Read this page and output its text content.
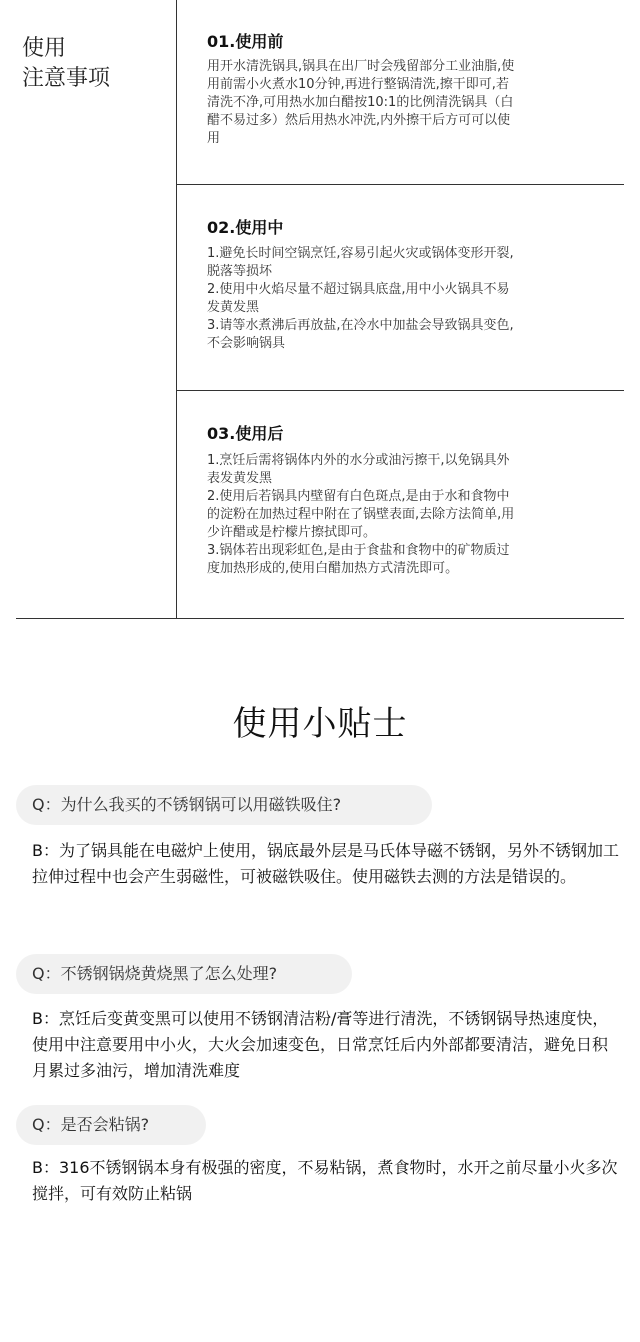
使用
注意事项
01.使用前

用开水清洗锅具,锅具在出厂时会残留部分工业油脂,使
用前需小火煮水10分钟,再进行整锅清洗,擦干即可,若
清洗不净,可用热水加白醋按10:1的比例清洗锅具（白
醋不易过多）然后用热水冲洗,内外擦干后方可可以使
用

02.使用中

1.避免长时间空锅烹饪,容易引起火灾或锅体变形开裂,
脱落等损坏
2.使用中火焰尽量不超过锅具底盘,用中小火锅具不易
发黄发黑
3.请等水煮沸后再放盐,在冷水中加盐会导致锅具变色,
不会影响锅具

03.使用后

1.烹饪后需将锅体内外的水分或油污擦干,以免锅具外
表发黄发黑
2.使用后若锅具内壁留有白色斑点,是由于水和食物中
的淀粉在加热过程中附在了锅壁表面,去除方法简单,用
少许醋或是柠檬片擦拭即可。
3.锅体若出现彩虹色,是由于食盐和食物中的矿物质过
度加热形成的,使用白醋加热方式清洗即可。

使用小贴士
Q：为什么我买的不锈钢锅可以用磁铁吸住?

B：为了锅具能在电磁炉上使用，锅底最外层是马氏体导磁不锈钢，另外不锈钢加工拉伸过程中也会产生弱磁性，可被磁铁吸住。使用磁铁去测的方法是错误的。

Q：不锈钢锅烧黄烧黑了怎么处理?

B：烹饪后变黄变黑可以使用不锈钢清洁粉/膏等进行清洗，不锈钢锅导热速度快，使用中注意要用中小火，大火会加速变色，日常烹饪后内外部都要清洁，避免日积月累过多油污，增加清洗难度

Q：是否会粘锅?

B：316不锈钢锅本身有极强的密度，不易粘锅，煮食物时，水开之前尽量小火多次搅拌，可有效防止粘锅
